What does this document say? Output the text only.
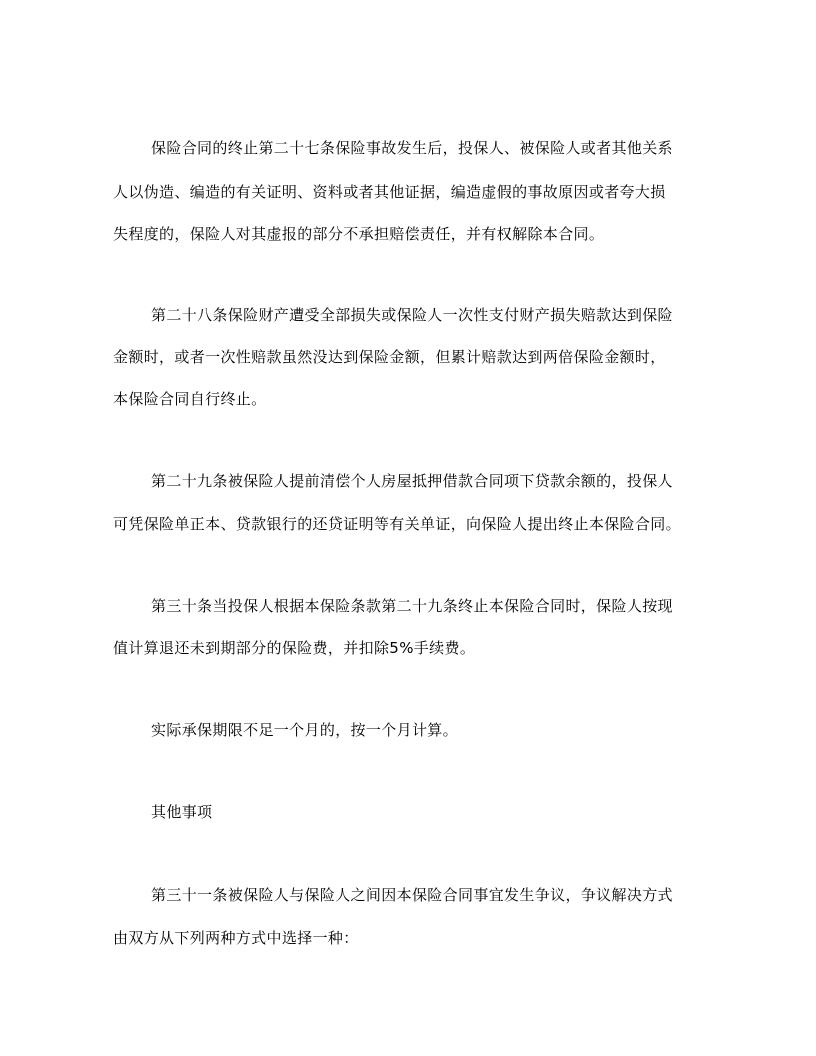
保险合同的终止第二十七条保险事故发生后，投保人、被保险人或者其他关系
人以伪造、编造的有关证明、资料或者其他证据，编造虚假的事故原因或者夸大损
失程度的，保险人对其虚报的部分不承担赔偿责任，并有权解除本合同。
第二十八条保险财产遭受全部损失或保险人一次性支付财产损失赔款达到保险
金额时，或者一次性赔款虽然没达到保险金额，但累计赔款达到两倍保险金额时，
本保险合同自行终止。
第二十九条被保险人提前清偿个人房屋抵押借款合同项下贷款余额的，投保人
可凭保险单正本、贷款银行的还贷证明等有关单证，向保险人提出终止本保险合同。
第三十条当投保人根据本保险条款第二十九条终止本保险合同时，保险人按现
值计算退还未到期部分的保险费，并扣除5%手续费。
实际承保期限不足一个月的，按一个月计算。
其他事项
第三十一条被保险人与保险人之间因本保险合同事宜发生争议，争议解决方式
由双方从下列两种方式中选择一种：
